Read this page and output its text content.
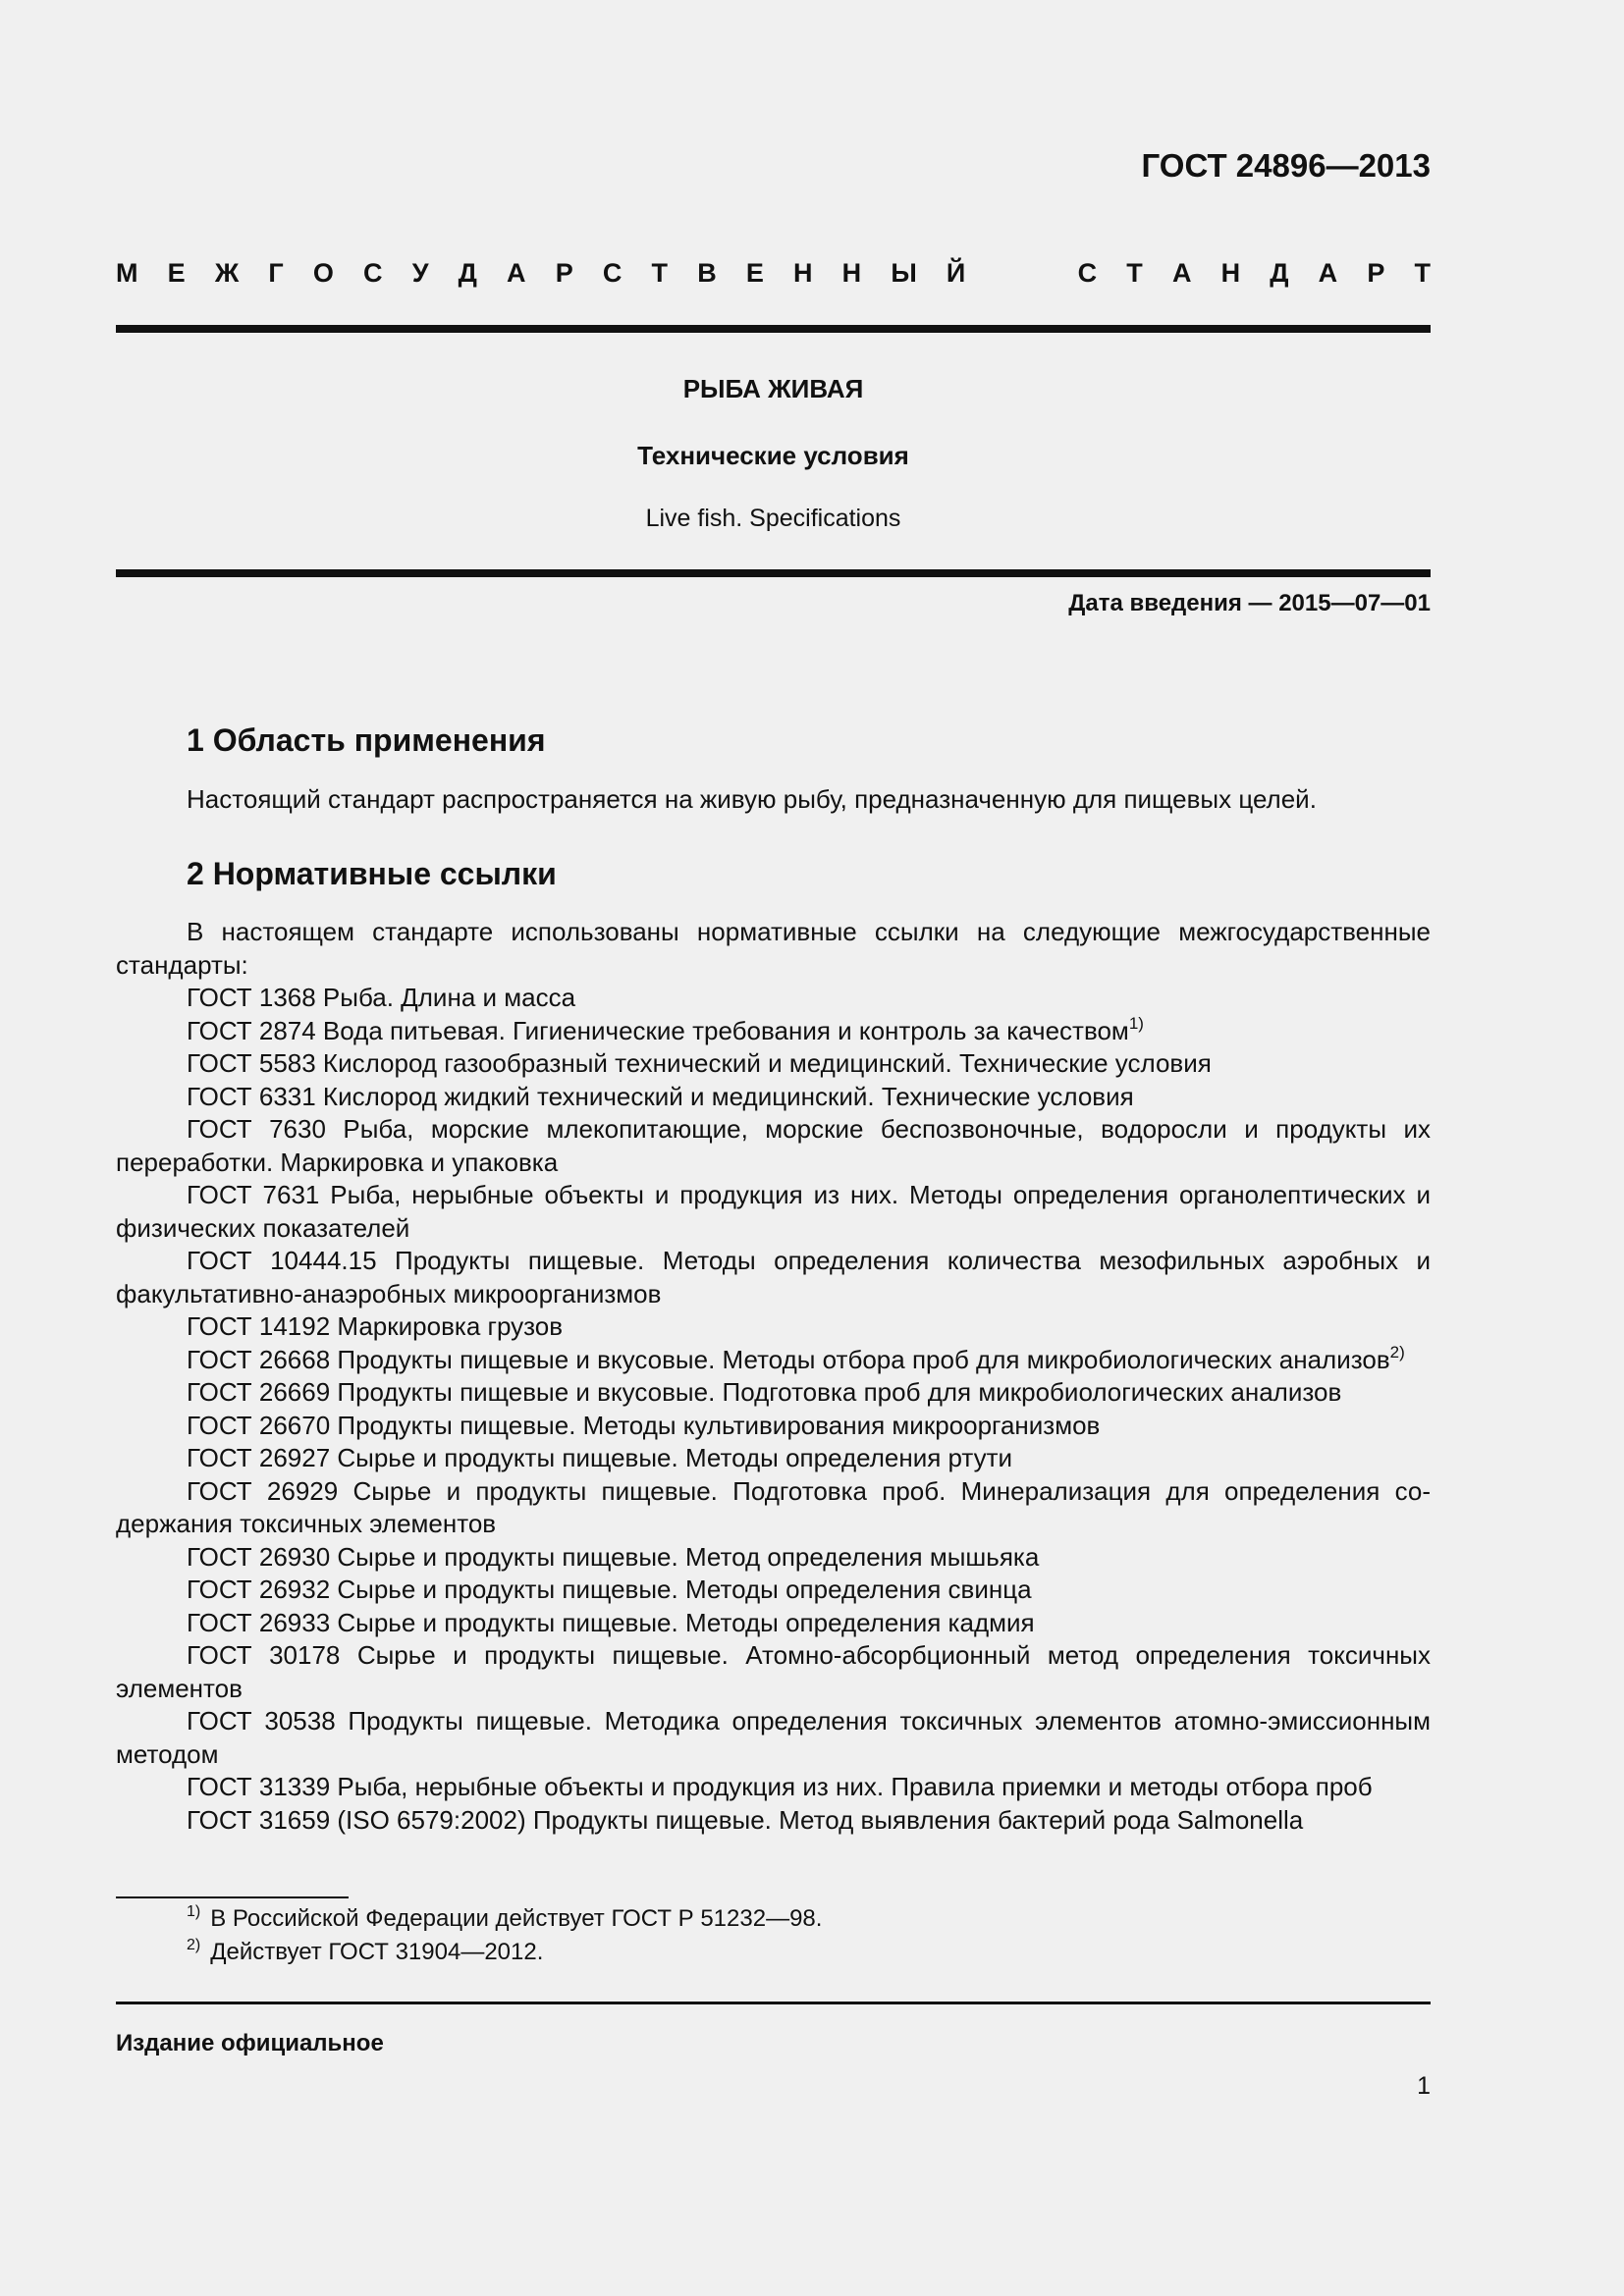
ГОСТ 24896—2013
М Е Ж Г О С У Д А Р С Т В Е Н Н Ы Й	С Т А Н Д А Р Т
РЫБА ЖИВАЯ
Технические условия
Live fish. Specifications
Дата введения — 2015—07—01
1 Область применения

Настоящий стандарт распространяется на живую рыбу, предназначенную для пищевых целей.

2 Нормативные ссылки

В настоящем стандарте использованы нормативные ссылки на следующие межгосударственные стандарты:

ГОСТ 1368 Рыба. Длина и масса

ГОСТ 2874 Вода питьевая. Гигиенические требования и контроль за качеством$^{1)}$

ГОСТ 5583 Кислород газообразный технический и медицинский. Технические условия

ГОСТ 6331 Кислород жидкий технический и медицинский. Технические условия

ГОСТ 7630 Рыба, морские млекопитающие, морские беспозвоночные, водоросли и продукты их переработки. Маркировка и упаковка

ГОСТ 7631 Рыба, нерыбные объекты и продукция из них. Методы определения органолептических и физических показателей

ГОСТ 10444.15 Продукты пищевые. Методы определения количества мезофильных аэробных и факультативно-анаэробных микроорганизмов

ГОСТ 14192 Маркировка грузов

ГОСТ 26668 Продукты пищевые и вкусовые. Методы отбора проб для микробиологических анализов$^{2)}$

ГОСТ 26669 Продукты пищевые и вкусовые. Подготовка проб для микробиологических анализов

ГОСТ 26670 Продукты пищевые. Методы культивирования микроорганизмов

ГОСТ 26927 Сырье и продукты пищевые. Методы определения ртути

ГОСТ 26929 Сырье и продукты пищевые. Подготовка проб. Минерализация для определения содержания токсичных элементов

ГОСТ 26930 Сырье и продукты пищевые. Метод определения мышьяка

ГОСТ 26932 Сырье и продукты пищевые. Методы определения свинца

ГОСТ 26933 Сырье и продукты пищевые. Методы определения кадмия

ГОСТ 30178 Сырье и продукты пищевые. Атомно-абсорбционный метод определения токсичных элементов

ГОСТ 30538 Продукты пищевые. Методика определения токсичных элементов атомно-эмиссионным методом

ГОСТ 31339 Рыба, нерыбные объекты и продукция из них. Правила приемки и методы отбора проб

ГОСТ 31659 (ISO 6579:2002) Продукты пищевые. Метод выявления бактерий рода Salmonella

$^{1)}$ В Российской Федерации действует ГОСТ Р 51232—98.

$^{2)}$ Действует ГОСТ 31904—2012.

Издание официальное
1
